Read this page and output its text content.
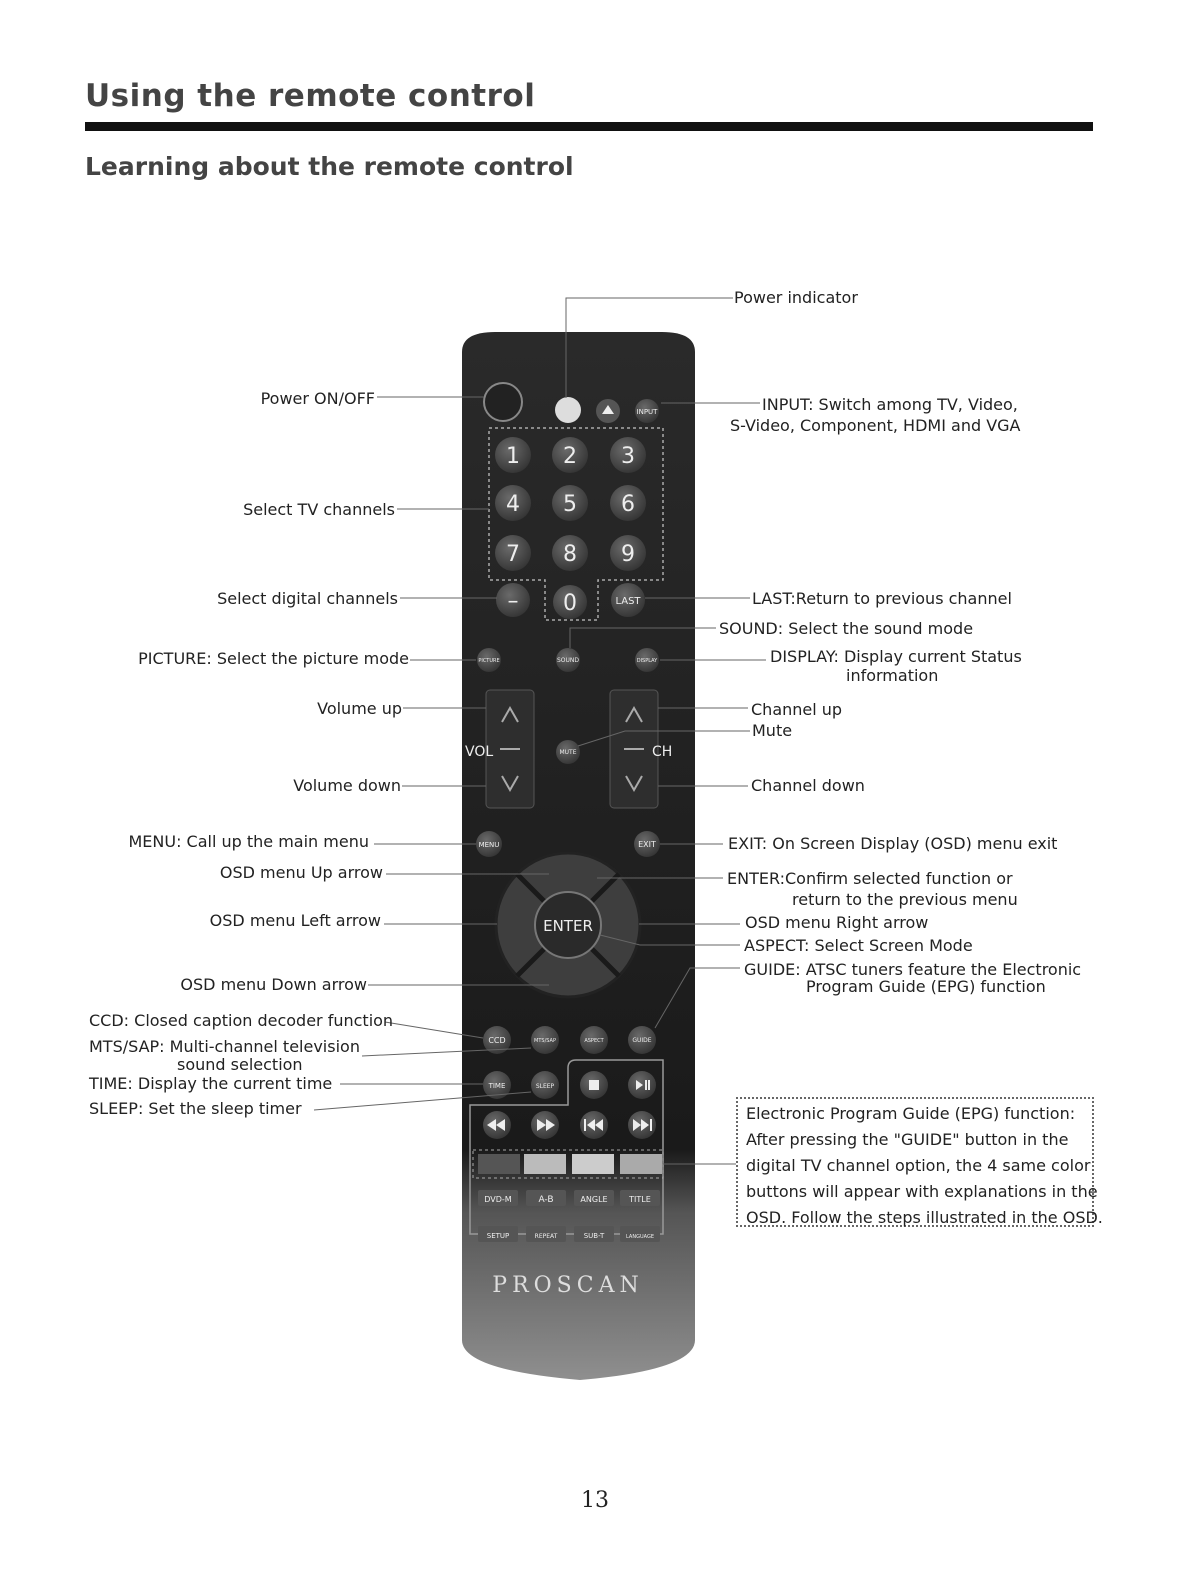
Using the remote control
Learning about the remote control
INPUT
1 2 3
4 5 6
7 8 9
– 0	LAST
PICTURE	SOUND	DISPLAY
VOL	CH
MUTE
MENU	EXIT
ENTER
CCD	MTS/SAP	ASPECT	GUIDE
TIME	SLEEP
DVD-M	A-B	ANGLE	TITLE
SETUP	REPEAT	SUB-T	LANGUAGE
PROSCAN
Power indicator
Power ON/OFF	INPUT: Switch among TV, Video,
S-Video, Component, HDMI and VGA
Select TV channels
Select digital channels	LAST:Return to previous channel
SOUND: Select the sound mode
PICTURE: Select the picture mode	DISPLAY: Display current Status
information
Volume up	Channel up
Mute
Volume down	Channel down
MENU: Call up the main menu	EXIT: On Screen Display (OSD) menu exit
OSD menu Up arrow	ENTER:Confirm selected function or
return to the previous menu
OSD menu Left arrow	OSD menu Right arrow
ASPECT: Select Screen Mode
OSD menu Down arrow
GUIDE: ATSC tuners feature the Electronic
Program Guide (EPG) function
CCD: Closed caption decoder function
MTS/SAP: Multi-channel television
sound selection
TIME: Display the current time
SLEEP: Set the sleep timer	Electronic Program Guide (EPG) function:

After pressing the "GUIDE" button in the

digital TV channel option, the 4 same color

buttons will appear with explanations in the

OSD. Follow the steps illustrated in the OSD.

13
